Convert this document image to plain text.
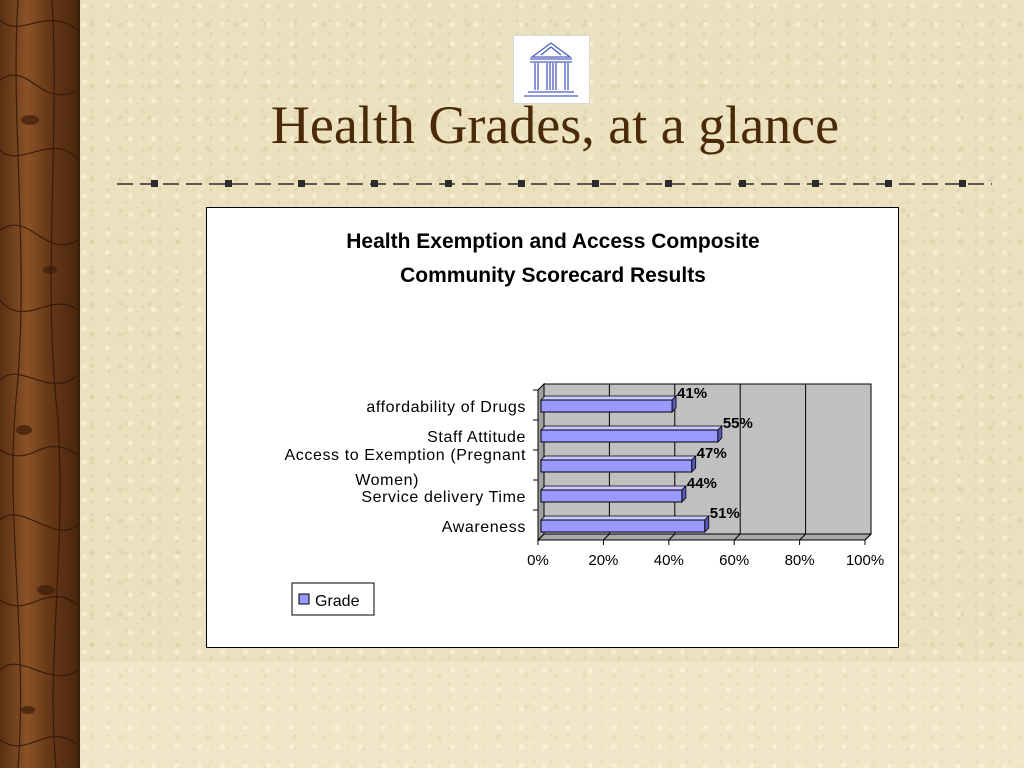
Health Grades, at a glance
Health Exemption and Access Composite
Community Scorecard Results
0%	20% 40% 60% 80% 100%
41%
affordability of Drugs
55%
Staff Attitude
47%
Access to Exemption (Pregnant Women)	44%
Service delivery Time
51%
Awareness
Grade
